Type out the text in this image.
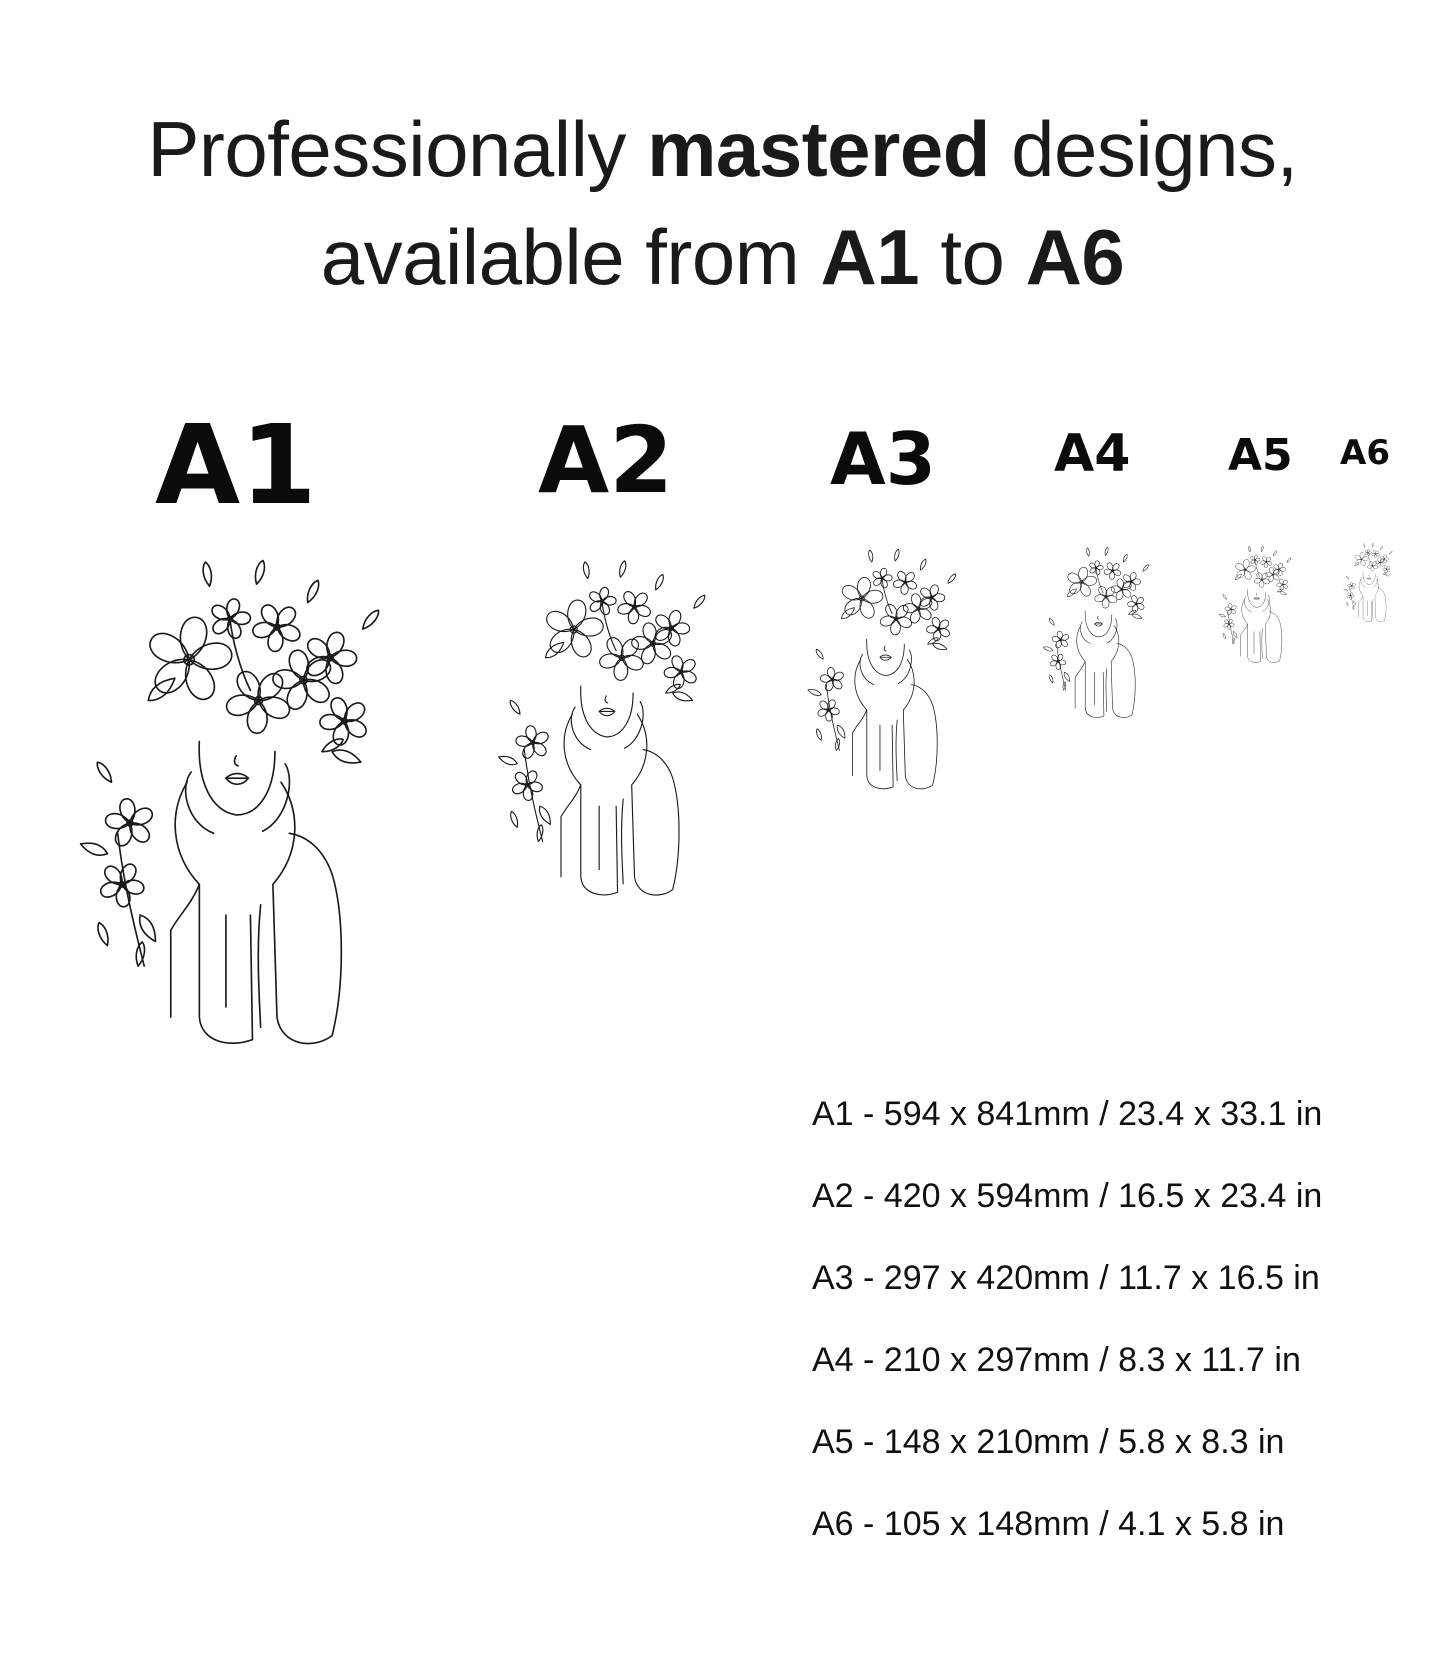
Professionally mastered designs,
available from A1 to A6
A1 A2 A3 A4 A5 A6
A1 - 594 x 841mm / 23.4 x 33.1 in
A2 - 420 x 594mm / 16.5 x 23.4 in
A3 - 297 x 420mm / 11.7 x 16.5 in
A4 - 210 x 297mm / 8.3 x 11.7 in
A5 - 148 x 210mm / 5.8 x 8.3 in
A6 - 105 x 148mm / 4.1 x 5.8 in
